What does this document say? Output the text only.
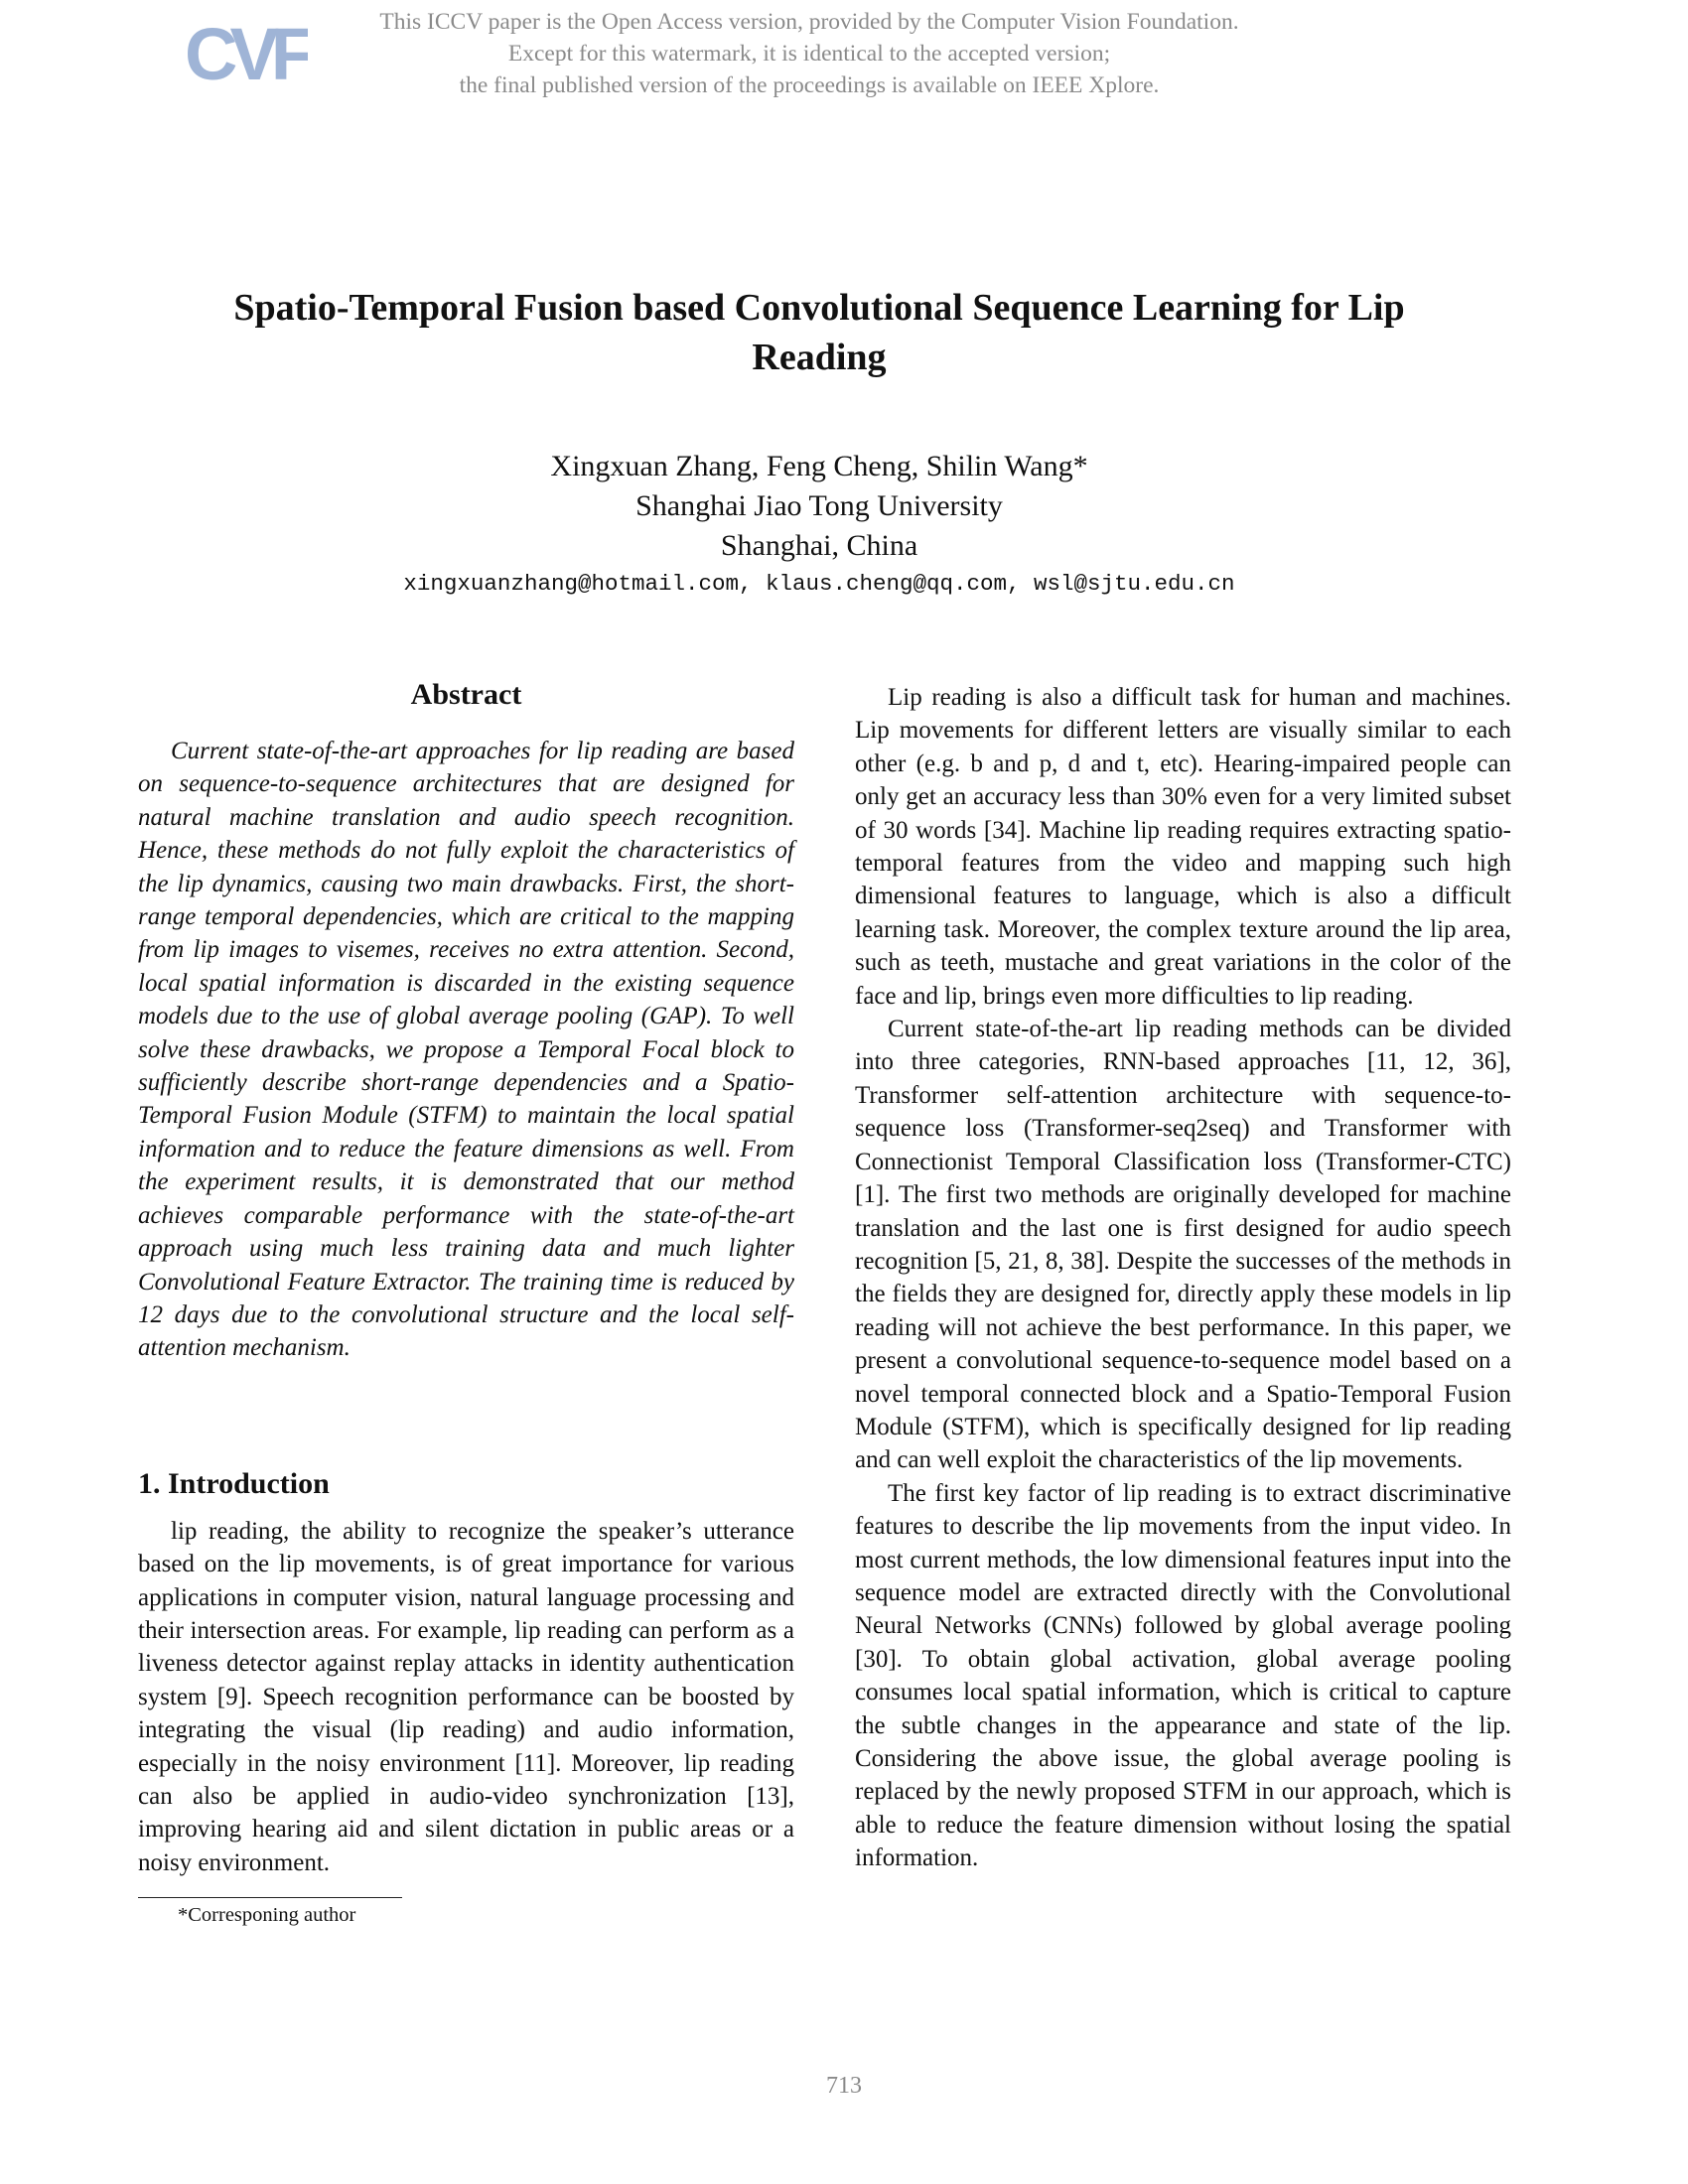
CVF	This ICCV paper is the Open Access version, provided by the Computer Vision Foundation.
Except for this watermark, it is identical to the accepted version;
the final published version of the proceedings is available on IEEE Xplore.
Spatio-Temporal Fusion based Convolutional Sequence Learning for Lip
Reading
Xingxuan Zhang, Feng Cheng, Shilin Wang*
Shanghai Jiao Tong University
Shanghai, China
xingxuanzhang@hotmail.com, klaus.cheng@qq.com, wsl@sjtu.edu.cn
Abstract

Current state-of-the-art approaches for lip reading are based on sequence-to-sequence architectures that are designed for natural machine translation and audio speech recognition. Hence, these methods do not fully exploit the characteristics of the lip dynamics, causing two main drawbacks. First, the short-range temporal dependencies, which are critical to the mapping from lip images to visemes, receives no extra attention. Second, local spatial information is discarded in the existing sequence models due to the use of global average pooling (GAP). To well solve these drawbacks, we propose a Temporal Focal block to sufficiently describe short-range dependencies and a Spatio-Temporal Fusion Module (STFM) to maintain the local spatial information and to reduce the feature dimensions as well. From the experiment results, it is demonstrated that our method achieves comparable performance with the state-of-the-art approach using much less training data and much lighter Convolutional Feature Extractor. The training time is reduced by 12 days due to the convolutional structure and the local self-attention mechanism.

1. Introduction

lip reading, the ability to recognize the speaker’s utterance based on the lip movements, is of great importance for various applications in computer vision, natural language processing and their intersection areas. For example, lip reading can perform as a liveness detector against replay attacks in identity authentication system [9]. Speech recognition performance can be boosted by integrating the visual (lip reading) and audio information, especially in the noisy environment [11]. Moreover, lip reading can also be applied in audio-video synchronization [13], improving hearing aid and silent dictation in public areas or a noisy environment.

*Corresponing author

Lip reading is also a difficult task for human and machines. Lip movements for different letters are visually similar to each other (e.g. b and p, d and t, etc). Hearing-impaired people can only get an accuracy less than 30% even for a very limited subset of 30 words [34]. Machine lip reading requires extracting spatio-temporal features from the video and mapping such high dimensional features to language, which is also a difficult learning task. Moreover, the complex texture around the lip area, such as teeth, mustache and great variations in the color of the face and lip, brings even more difficulties to lip reading.

Current state-of-the-art lip reading methods can be divided into three categories, RNN-based approaches [11, 12, 36], Transformer self-attention architecture with sequence-to-sequence loss (Transformer-seq2seq) and Transformer with Connectionist Temporal Classification loss (Transformer-CTC) [1]. The first two methods are originally developed for machine translation and the last one is first designed for audio speech recognition [5, 21, 8, 38]. Despite the successes of the methods in the fields they are designed for, directly apply these models in lip reading will not achieve the best performance. In this paper, we present a convolutional sequence-to-sequence model based on a novel temporal connected block and a Spatio-Temporal Fusion Module (STFM), which is specifically designed for lip reading and can well exploit the characteristics of the lip movements.

The first key factor of lip reading is to extract discriminative features to describe the lip movements from the input video. In most current methods, the low dimensional features input into the sequence model are extracted directly with the Convolutional Neural Networks (CNNs) followed by global average pooling [30]. To obtain global activation, global average pooling consumes local spatial information, which is critical to capture the subtle changes in the appearance and state of the lip. Considering the above issue, the global average pooling is replaced by the newly proposed STFM in our approach, which is able to reduce the feature dimension without losing the spatial information.

713
